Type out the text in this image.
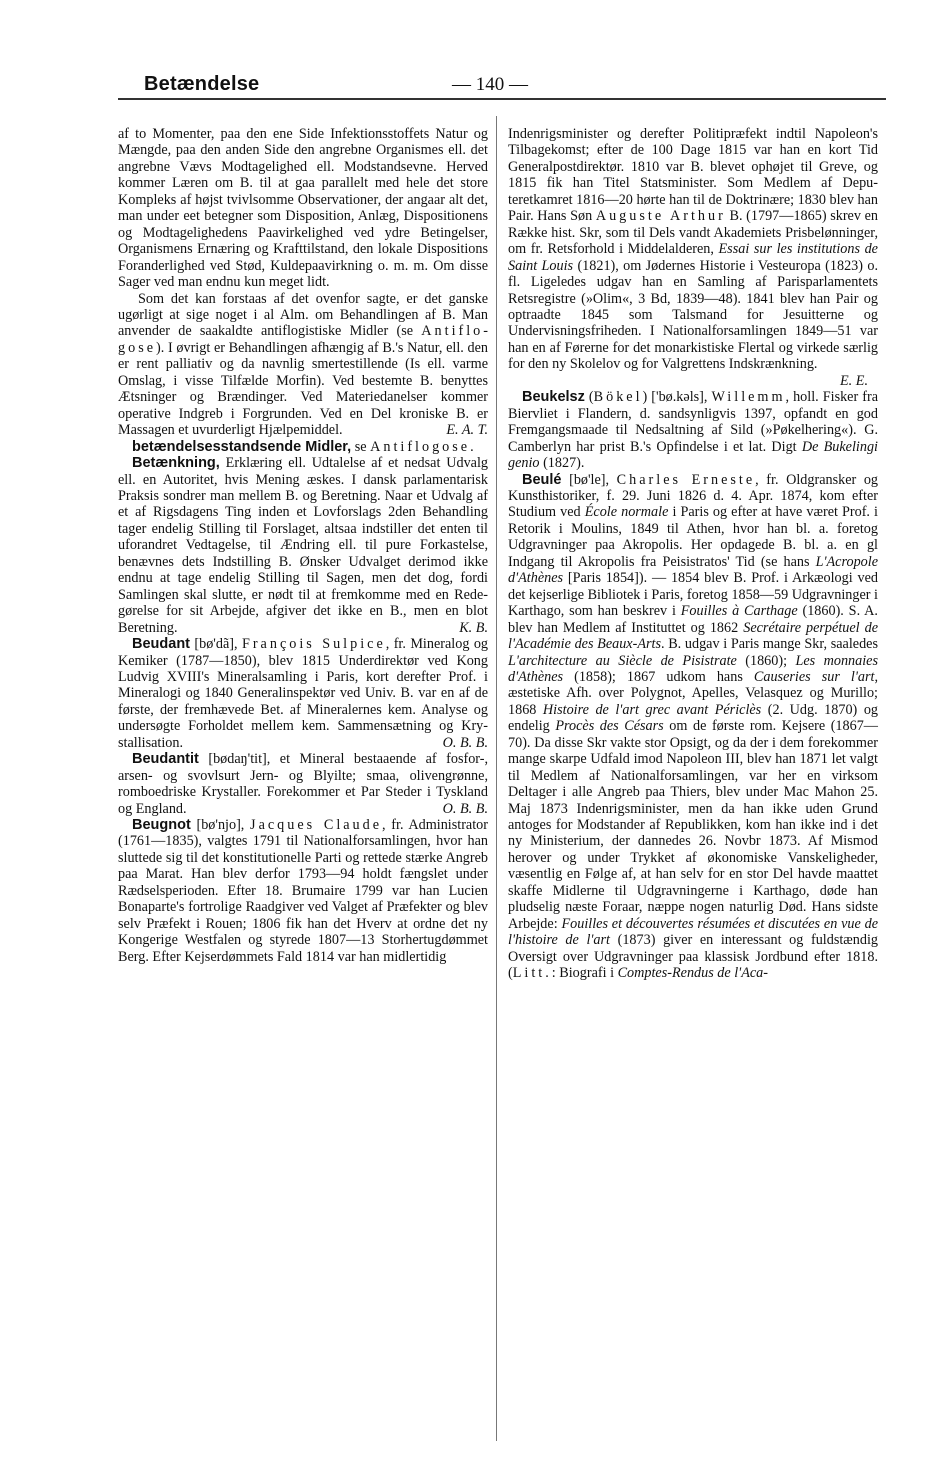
Betændelse	— 140 —

af to Momenter, paa den ene Side Infektionsstoffets Natur og Mængde, paa den anden Side den angrebne Organismes ell. det angrebne Vævs Modtagelighed ell. Modstandsevne. Herved kommer Læren om B. til at gaa parallelt med hele det store Kompleks af højst tvivlsomme Observationer, der angaar alt det, man under eet betegner som Disposition, Anlæg, Dispositionens og Modtagelighedens Paavirkelighed ved ydre Betingelser, Organismens Ernæring og Krafttilstand, den lokale Dispositions Foranderlighed ved Stød, Kuldepaavirkning o. m. m. Om disse Sager ved man endnu kun meget lidt.

Som det kan forstaas af det ovenfor sagte, er det ganske ugørligt at sige noget i al Alm. om Behandlingen af B. Man anvender de saakaldte antiflogistiske Midler (se Antiflogose). I øvrigt er Behandlingen afhængig af B.'s Natur, ell. den er rent palliativ og da navnlig smertestillende (Is ell. varme Omslag, i visse Tilfælde Morfin). Ved bestemte B. benyttes Ætsninger og Brændinger. Ved Materiedanelser kommer operative Indgreb i Forgrunden. Ved en Del kroniske B. er Massagen et uvurderligt Hjælpemiddel.	E. A. T.

betændelsesstandsende Midler, se Antiflogose.

Betænkning, Erklæring ell. Udtalelse af et nedsat Udvalg ell. en Autoritet, hvis Mening æskes. I dansk parlamentarisk Praksis sondrer man mellem B. og Beretning. Naar et Udvalg af et af Rigsdagens Ting inden et Lovforslags 2den Behandling tager endelig Stilling til Forslaget, altsaa indstiller det enten til uforandret Vedtagelse, til Ændring ell. til pure Forkastelse, benævnes dets Indstilling B. Ønsker Udvalget derimod ikke endnu at tage endelig Stilling til Sagen, men det dog, fordi Samlingen skal slutte, er nødt til at fremkomme med en Redegørelse for sit Arbejde, afgiver det ikke en B., men en blot Beretning.	K. B.

Beudant [bø'dã], François Sulpice, fr. Mineralog og Kemiker (1787—1850), blev 1815 Underdirektør ved Kong Ludvig XVIII's Mineralsamling i Paris, kort derefter Prof. i Mineralogi og 1840 Generalinspektør ved Univ. B. var en af de første, der fremhævede Bet. af Mineralernes kem. Analyse og undersøgte Forholdet mellem kem. Sammensætning og Krystallisation.	O. B. B.

Beudantit [bødaŋ'tit], et Mineral bestaaende af fosfor-, arsen- og svovlsurt Jern- og Blyilte; smaa, olivengrønne, romboedriske Krystaller. Forekommer et Par Steder i Tyskland og England.	O. B. B.

Beugnot [bø'njo], Jacques Claude, fr. Administrator (1761—1835), valgtes 1791 til Nationalforsamlingen, hvor han sluttede sig til det konstitutionelle Parti og rettede stærke Angreb paa Marat. Han blev derfor 1793—94 holdt fængslet under Rædselsperioden. Efter 18. Brumaire 1799 var han Lucien Bonaparte's fortrolige Raadgiver ved Valget af Præfekter og blev selv Præfekt i Rouen; 1806 fik han det Hverv at ordne det ny Kongerige Westfalen og styrede 1807—13 Storhertugdømmet Berg. Efter Kejserdømmets Fald 1814 var han midlertidig

Indenrigsminister og derefter Politipræfekt indtil Napoleon's Tilbagekomst; efter de 100 Dage 1815 var han en kort Tid Generalpostdirektør. 1810 var B. blevet ophøjet til Greve, og 1815 fik han Titel Statsminister. Som Medlem af Deputeretkamret 1816—20 hørte han til de Doktrinære; 1830 blev han Pair. Hans Søn Auguste Arthur B. (1797—1865) skrev en Række hist. Skr, som til Dels vandt Akademiets Prisbelønninger, om fr. Retsforhold i Middelalderen, Essai sur les institutions de Saint Louis (1821), om Jødernes Historie i Vesteuropa (1823) o. fl. Ligeledes udgav han en Samling af Parisparlamentets Retsregistre (»Olim«, 3 Bd, 1839—48). 1841 blev han Pair og optraadte 1845 som Talsmand for Jesuitterne og Undervisningsfriheden. I Nationalforsamlingen 1849—51 var han en af Førerne for det monarkistiske Flertal og virkede særlig for den ny Skolelov og for Valgrettens Indskrænkning.
E. E.

Beukelsz (Bökel) ['bø.kəls], Willemm, holl. Fisker fra Biervliet i Flandern, d. sandsynligvis 1397, opfandt en god Fremgangsmaade til Nedsaltning af Sild (»Pøkelhering«). G. Camberlyn har prist B.'s Opfindelse i et lat. Digt De Bukelingi genio (1827).

Beulé [bø'le], Charles Erneste, fr. Oldgransker og Kunsthistoriker, f. 29. Juni 1826 d. 4. Apr. 1874, kom efter Studium ved École normale i Paris og efter at have været Prof. i Retorik i Moulins, 1849 til Athen, hvor han bl. a. foretog Udgravninger paa Akropolis. Her opdagede B. bl. a. en gl Indgang til Akropolis fra Peisistratos' Tid (se hans L'Acropole d'Athènes [Paris 1854]). — 1854 blev B. Prof. i Arkæologi ved det kejserlige Bibliotek i Paris, foretog 1858—59 Udgravninger i Karthago, som han beskrev i Fouilles à Carthage (1860). S. A. blev han Medlem af Instituttet og 1862 Secrétaire perpétuel de l'Académie des Beaux-Arts. B. udgav i Paris mange Skr, saaledes L'architecture au Siècle de Pisistrate (1860); Les monnaies d'Athènes (1858); 1867 udkom hans Causeries sur l'art, æstetiske Afh. over Polygnot, Apelles, Velasquez og Murillo; 1868 Histoire de l'art grec avant Périclès (2. Udg. 1870) og endelig Procès des Césars om de første rom. Kejsere (1867—70). Da disse Skr vakte stor Opsigt, og da der i dem forekommer mange skarpe Udfald imod Napoleon III, blev han 1871 let valgt til Medlem af Nationalforsamlingen, var her en virksom Deltager i alle Angreb paa Thiers, blev under Mac Mahon 25. Maj 1873 Indenrigsminister, men da han ikke uden Grund antoges for Modstander af Republikken, kom han ikke ind i det ny Ministerium, der dannedes 26. Novbr 1873. Af Mismod herover og under Trykket af økonomiske Vanskeligheder, væsentlig en Følge af, at han selv for en stor Del havde maattet skaffe Midlerne til Udgravningerne i Karthago, døde han pludselig næste Foraar, næppe nogen naturlig Død. Hans sidste Arbejde: Fouilles et découvertes résumées et discutées en vue de l'histoire de l'art (1873) giver en interessant og fuldstændig Oversigt over Udgravninger paa klassisk Jordbund efter 1818. (Litt.: Biografi i Comptes-Rendus de l'Aca-
